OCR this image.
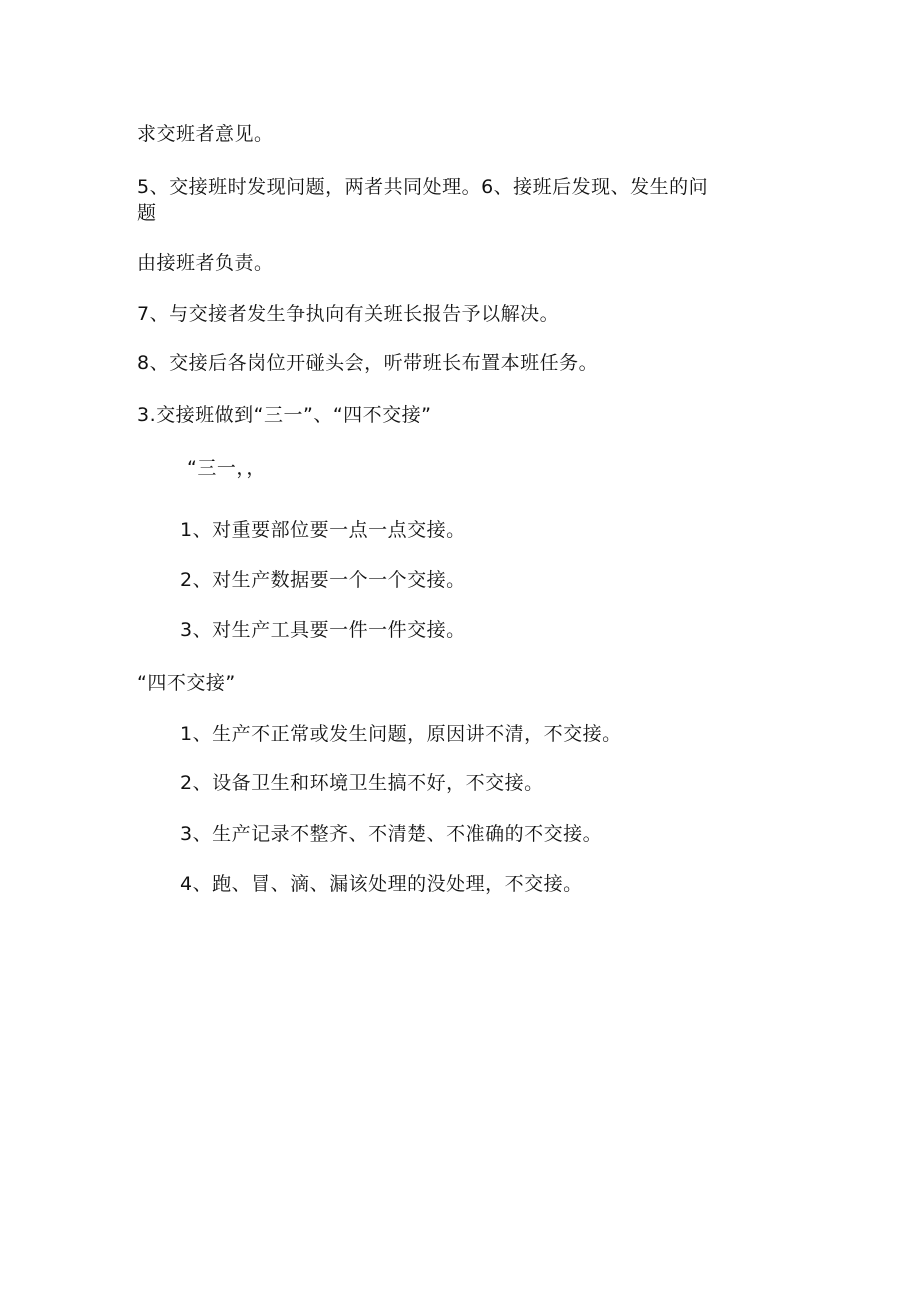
求交班者意见。
5、交接班时发现问题，两者共同处理。6、接班后发现、发生的问
题
由接班者负责。
7、与交接者发生争执向有关班长报告予以解决。
8、交接后各岗位开碰头会，听带班长布置本班任务。
3.交接班做到“三一”、“四不交接”
“三一，，
1、对重要部位要一点一点交接。
2、对生产数据要一个一个交接。
3、对生产工具要一件一件交接。
“四不交接”
1、生产不正常或发生问题，原因讲不清，不交接。
2、设备卫生和环境卫生搞不好，不交接。
3、生产记录不整齐、不清楚、不准确的不交接。
4、跑、冒、滴、漏该处理的没处理，不交接。
